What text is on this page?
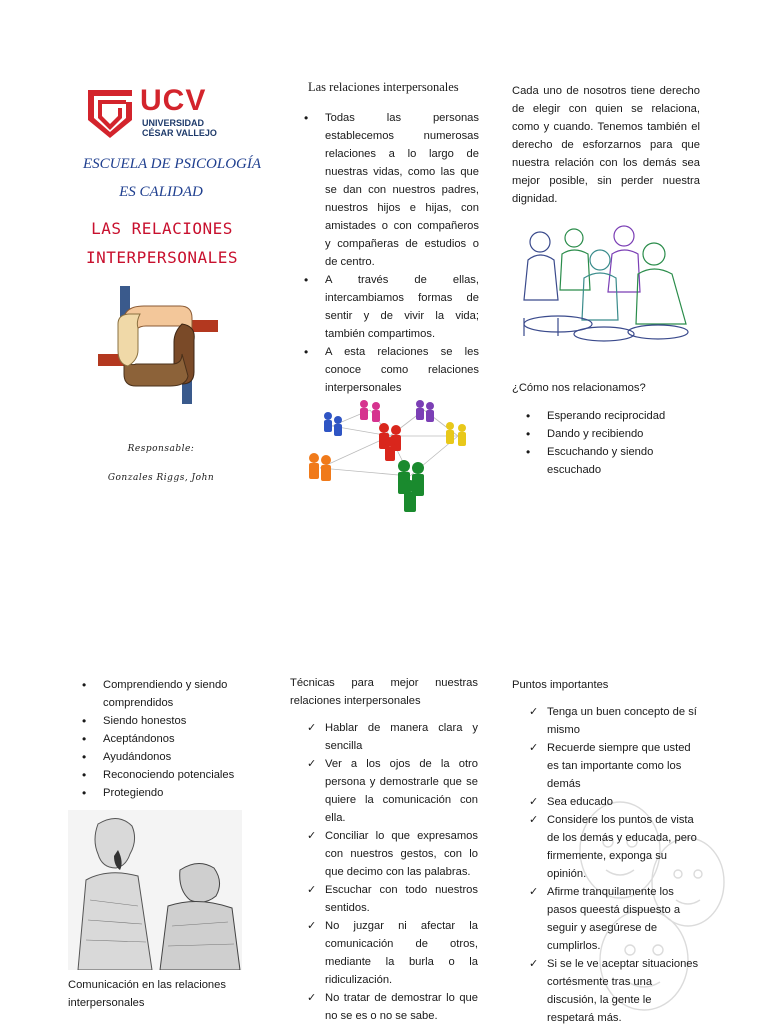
UCV
UNIVERSIDAD
CÉSAR VALLEJO
ESCUELA DE PSICOLOGÍA
ES CALIDAD
LAS RELACIONES
INTERPERSONALES
Responsable:
Gonzales Riggs, John
Las relaciones interpersonales
• Todas las personas establecemos numerosas relaciones a lo largo de nuestras vidas, como las que se dan con nuestros padres, nuestros hijos e hijas, con amistades o con compañeros y compañeras de estudios o de centro.
• A través de ellas, intercambiamos formas de sentir y de vivir la vida; también compartimos.
• A esta relaciones se les conoce como relaciones interpersonales
Cada uno de nosotros tiene derecho de elegir con quien se relaciona, como y cuando. Tenemos también el derecho de esforzarnos para que nuestra relación con los demás sea mejor posible, sin perder nuestra dignidad.
¿Cómo nos relacionamos?
• Esperando reciprocidad
• Dando y recibiendo
• Escuchando y siendo escuchado
• Comprendiendo y siendo comprendidos
• Siendo honestos
• Aceptándonos
• Ayudándonos
• Reconociendo potenciales
• Protegiendo
Comunicación en las relaciones interpersonales
Técnicas para mejor nuestras relaciones interpersonales
✓ Hablar de manera clara y sencilla
✓ Ver a los ojos de la otro persona y demostrarle que se quiere la comunicación con ella.
✓ Conciliar lo que expresamos con nuestros gestos, con lo que decimo con las palabras.
✓ Escuchar con todo nuestros sentidos.
✓ No juzgar ni afectar la comunicación de otros, mediante la burla o la ridiculización.
✓ No tratar de demostrar lo que no se es o no se sabe.
Puntos importantes
✓ Tenga un buen concepto de sí mismo
✓ Recuerde siempre que usted es tan importante como los demás
✓ Sea educado
✓ Considere los puntos de vista de los demás y educada, pero firmemente, exponga su opinión.
✓ Afirme tranquilamente los pasos queestá dispuesto a seguir y asegúrese de cumplirlos.
✓ Si se le ve aceptar situaciones cortésmente tras una discusión, la gente le respetará más.
